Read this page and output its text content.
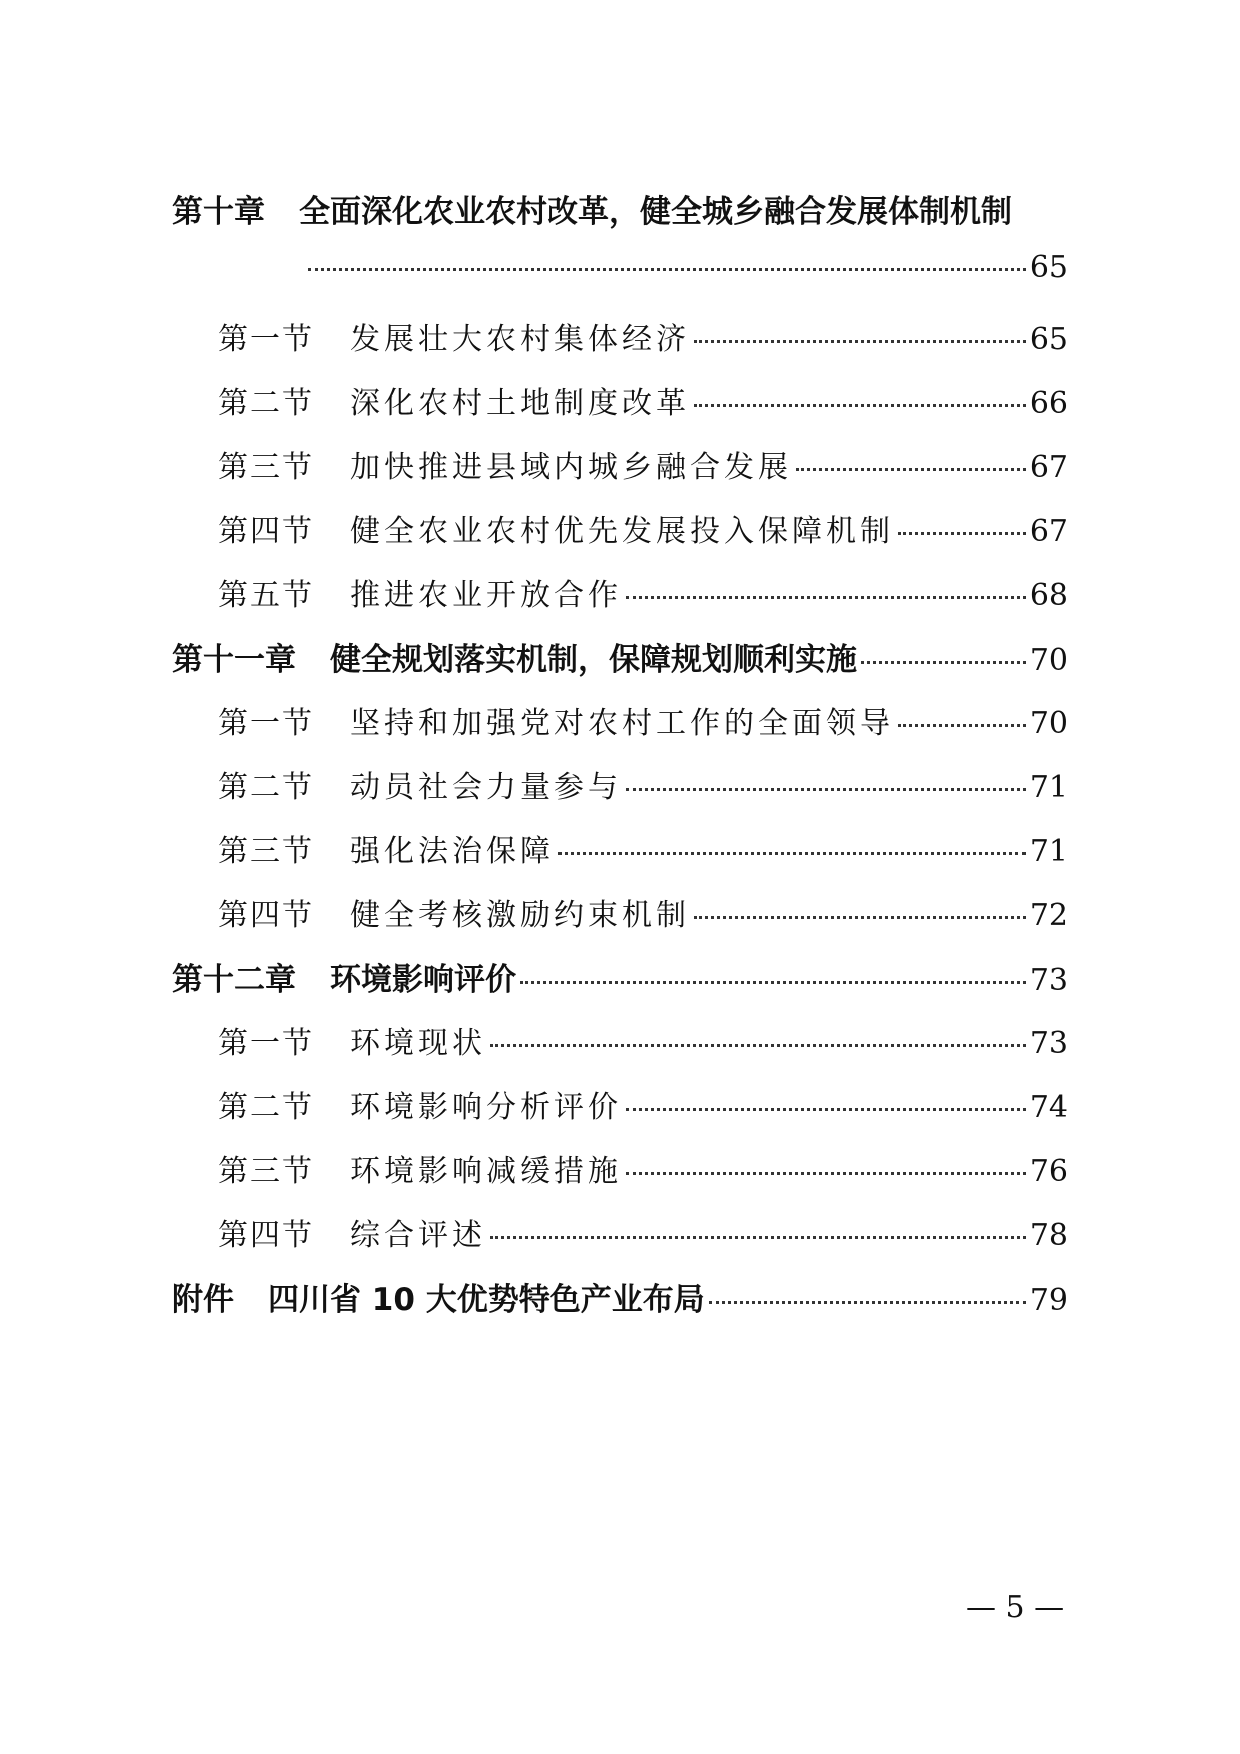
第十章 全面深化农业农村改革，健全城乡融合发展体制机制
65
第一节 发展壮大农村集体经济	65
第二节 深化农村土地制度改革	66
第三节 加快推进县域内城乡融合发展	67
第四节 健全农业农村优先发展投入保障机制	67
第五节 推进农业开放合作	68
第十一章 健全规划落实机制，保障规划顺利实施	70
第一节 坚持和加强党对农村工作的全面领导	70
第二节 动员社会力量参与	71
第三节 强化法治保障	71
第四节 健全考核激励约束机制	72
第十二章 环境影响评价	73
第一节 环境现状	73
第二节 环境影响分析评价	74
第三节 环境影响减缓措施	76
第四节 综合评述	78
附件 四川省 10 大优势特色产业布局	79
— 5 —
